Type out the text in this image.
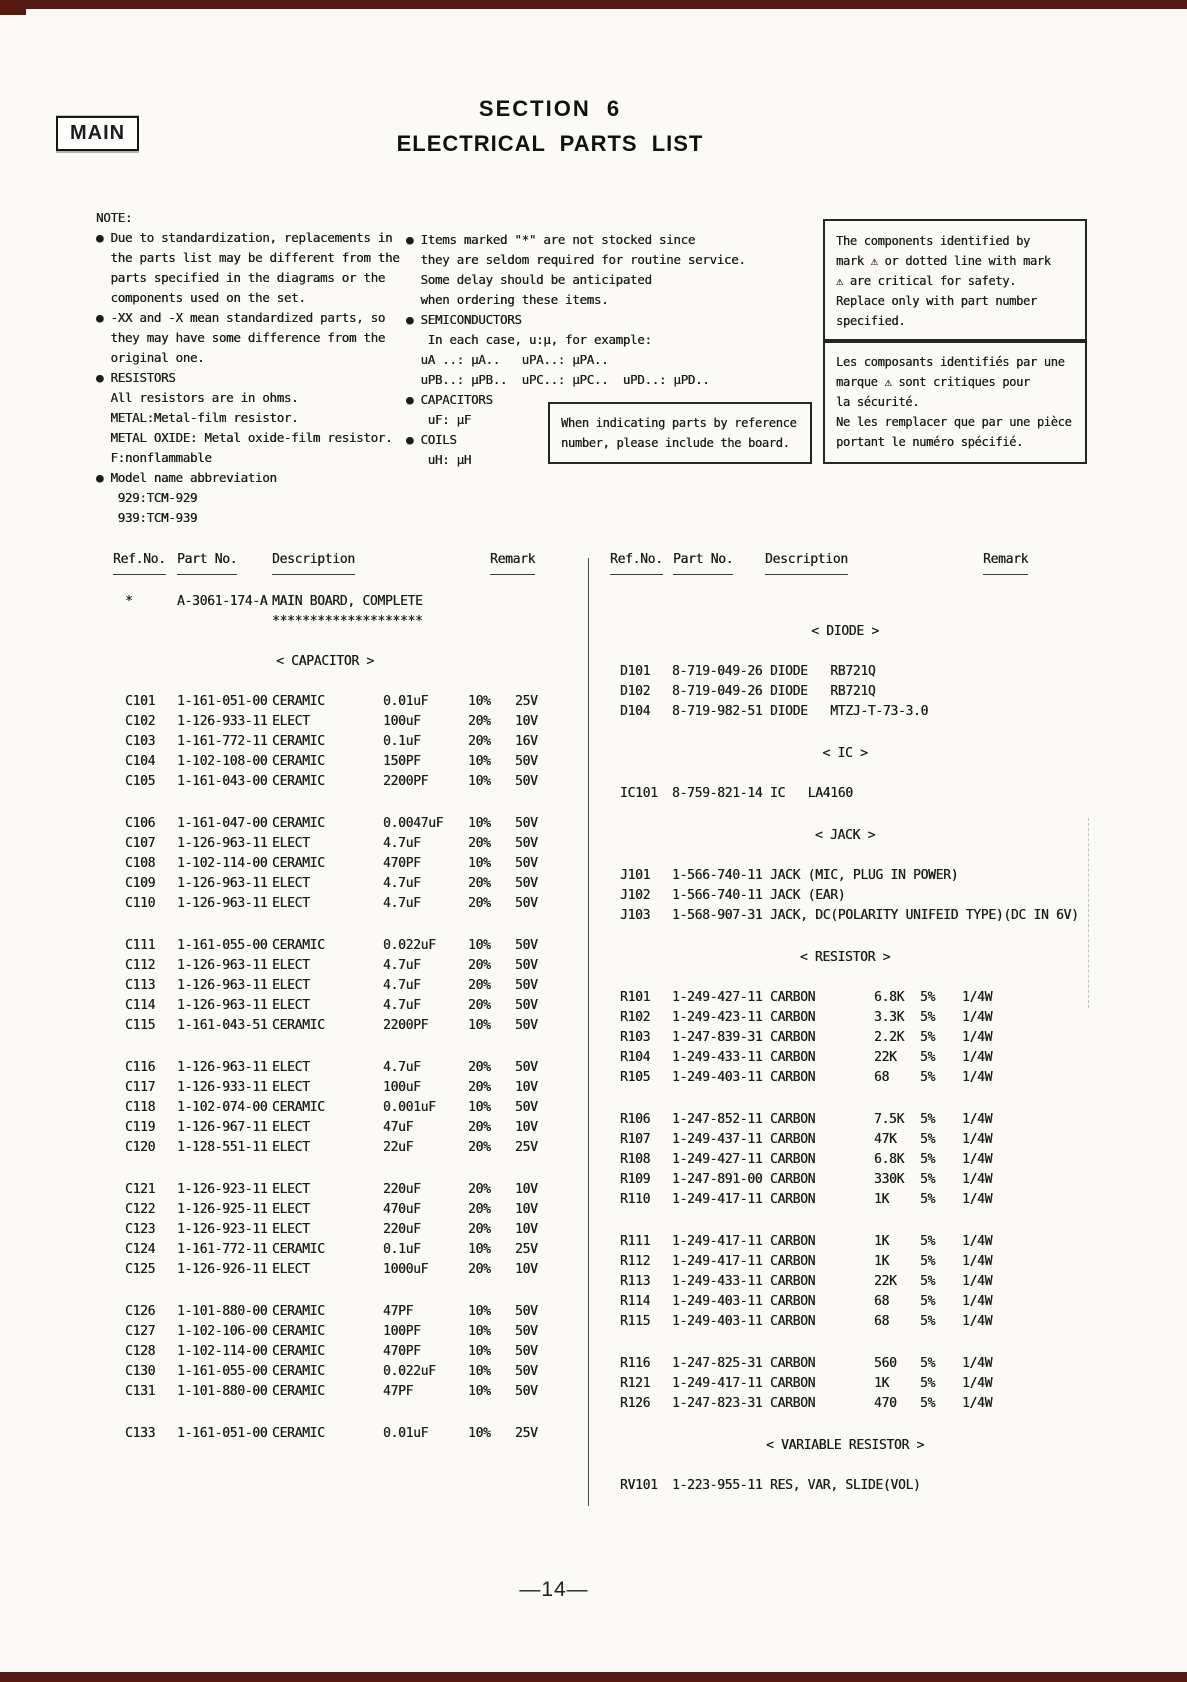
MAIN
SECTION 6
ELECTRICAL PARTS LIST
NOTE:
● Due to standardization, replacements in
the parts list may be different from the
parts specified in the diagrams or the
components used on the set.
● -XX and -X mean standardized parts, so
they may have some difference from the
original one.
● RESISTORS
All resistors are in ohms.
METAL:Metal-film resistor.
METAL OXIDE: Metal oxide-film resistor.
F:nonflammable
● Model name abbreviation
929:TCM-929
939:TCM-939
● Items marked "*" are not stocked since
they are seldom required for routine service.
Some delay should be anticipated
when ordering these items.
● SEMICONDUCTORS
In each case, u:μ, for example:
uA ..: μA..   uPA..: μPA..
uPB..: μPB..  uPC..: μPC..  uPD..: μPD..
● CAPACITORS
uF: μF
● COILS
uH: μH
When indicating parts by reference
number, please include the board.
The components identified by
mark ⚠ or dotted line with mark
⚠ are critical for safety.
Replace only with part number
specified.
Les composants identifiés par une
marque ⚠ sont critiques pour
la sécurité.
Ne les remplacer que par une pièce
portant le numéro spécifié.
Ref.No. Part No.	Description	Remark	Ref.No. Part No. Description	Remark
*	A-3061-174-A MAIN BOARD, COMPLETE
********************
< CAPACITOR >
C101	1-161-051-00 CERAMIC	0.01uF	10%	25V
C102	1-126-933-11 ELECT	100uF	20%	10V
C103	1-161-772-11 CERAMIC	0.1uF	20%	16V
C104	1-102-108-00 CERAMIC	150PF	10%	50V
C105	1-161-043-00 CERAMIC	2200PF	10%	50V
C106	1-161-047-00 CERAMIC	0.0047uF	10%	50V
C107	1-126-963-11 ELECT	4.7uF	20%	50V
C108	1-102-114-00 CERAMIC	470PF	10%	50V
C109	1-126-963-11 ELECT	4.7uF	20%	50V
C110	1-126-963-11 ELECT	4.7uF	20%	50V
C111	1-161-055-00 CERAMIC	0.022uF	10%	50V
C112	1-126-963-11 ELECT	4.7uF	20%	50V
C113	1-126-963-11 ELECT	4.7uF	20%	50V
C114	1-126-963-11 ELECT	4.7uF	20%	50V
C115	1-161-043-51 CERAMIC	2200PF	10%	50V
C116	1-126-963-11 ELECT	4.7uF	20%	50V
C117	1-126-933-11 ELECT	100uF	20%	10V
C118	1-102-074-00 CERAMIC	0.001uF	10%	50V
C119	1-126-967-11 ELECT	47uF	20%	10V
C120	1-128-551-11 ELECT	22uF	20%	25V
C121	1-126-923-11 ELECT	220uF	20%	10V
C122	1-126-925-11 ELECT	470uF	20%	10V
C123	1-126-923-11 ELECT	220uF	20%	10V
C124	1-161-772-11 CERAMIC	0.1uF	10%	25V
C125	1-126-926-11 ELECT	1000uF	20%	10V
C126	1-101-880-00 CERAMIC	47PF	10%	50V
C127	1-102-106-00 CERAMIC	100PF	10%	50V
C128	1-102-114-00 CERAMIC	470PF	10%	50V
C130	1-161-055-00 CERAMIC	0.022uF	10%	50V
C131	1-101-880-00 CERAMIC	47PF	10%	50V
C133	1-161-051-00 CERAMIC	0.01uF	10%	25V
< DIODE >
D101	8-719-049-26 DIODE   RB721Q
D102	8-719-049-26 DIODE   RB721Q
D104	8-719-982-51 DIODE   MTZJ-T-73-3.0
< IC >
IC101	8-759-821-14 IC   LA4160
< JACK >
J101	1-566-740-11 JACK (MIC, PLUG IN POWER)
J102	1-566-740-11 JACK (EAR)
J103	1-568-907-31 JACK, DC(POLARITY UNIFEID TYPE)(DC IN 6V)
< RESISTOR >
R101	1-249-427-11 CARBON	6.8K	5%	1/4W
R102	1-249-423-11 CARBON	3.3K	5%	1/4W
R103	1-247-839-31 CARBON	2.2K	5%	1/4W
R104	1-249-433-11 CARBON	22K	5%	1/4W
R105	1-249-403-11 CARBON	68	5%	1/4W
R106	1-247-852-11 CARBON	7.5K	5%	1/4W
R107	1-249-437-11 CARBON	47K	5%	1/4W
R108	1-249-427-11 CARBON	6.8K	5%	1/4W
R109	1-247-891-00 CARBON	330K	5%	1/4W
R110	1-249-417-11 CARBON	1K	5%	1/4W
R111	1-249-417-11 CARBON	1K	5%	1/4W
R112	1-249-417-11 CARBON	1K	5%	1/4W
R113	1-249-433-11 CARBON	22K	5%	1/4W
R114	1-249-403-11 CARBON	68	5%	1/4W
R115	1-249-403-11 CARBON	68	5%	1/4W
R116	1-247-825-31 CARBON	560	5%	1/4W
R121	1-249-417-11 CARBON	1K	5%	1/4W
R126	1-247-823-31 CARBON	470	5%	1/4W
< VARIABLE RESISTOR >
RV101	1-223-955-11 RES, VAR, SLIDE(VOL)
—14—
